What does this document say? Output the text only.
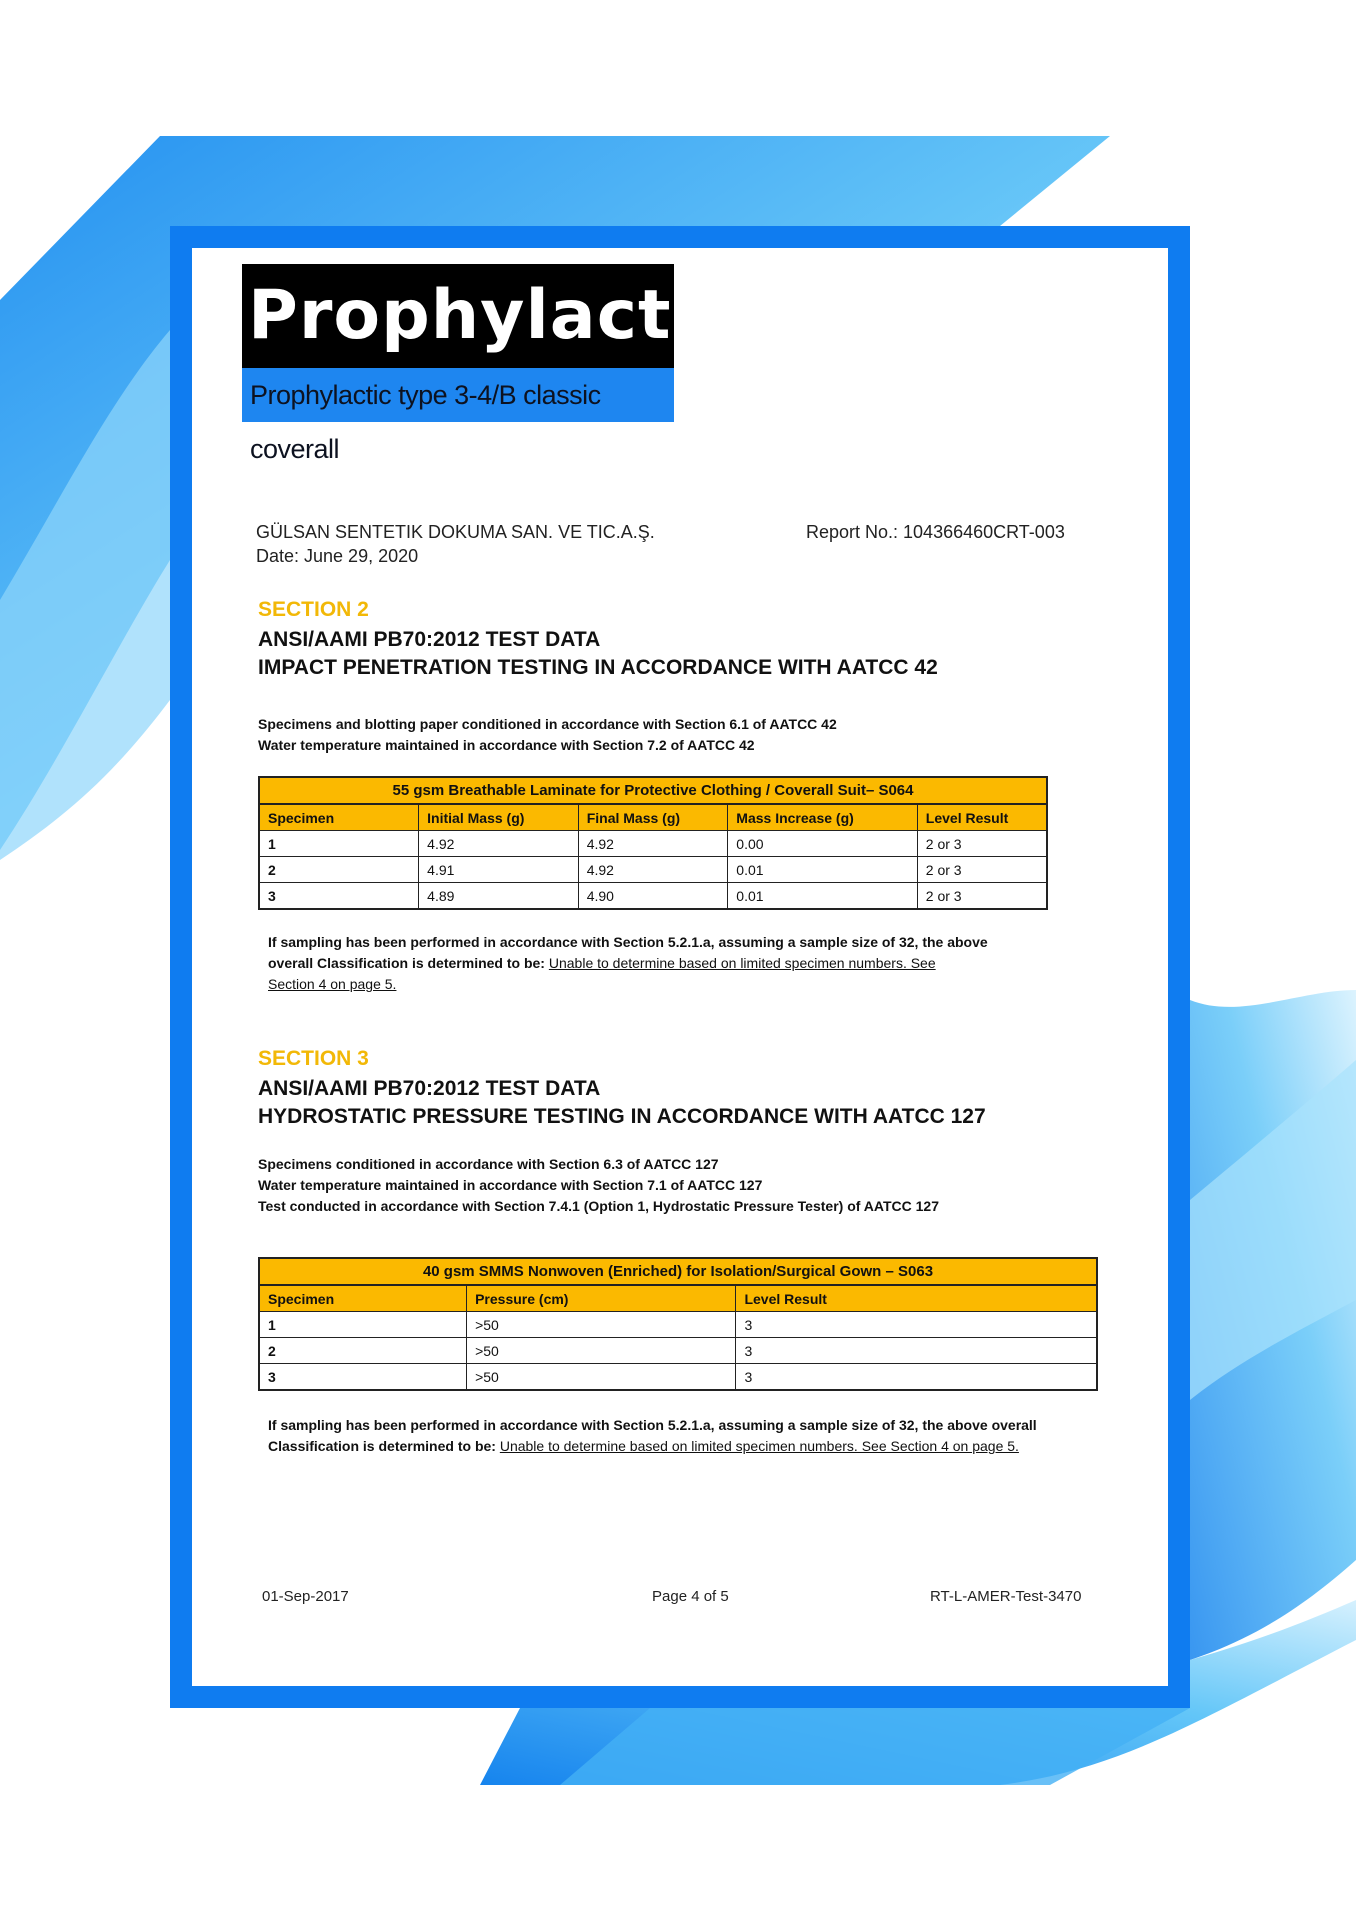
Prophylactic
Prophylactic type 3-4/B classic coverall
GÜLSAN SENTETIK DOKUMA SAN. VE TIC.A.Ş.
Date: June 29, 2020
Report No.: 104366460CRT-003
SECTION 2
ANSI/AAMI PB70:2012 TEST DATA
IMPACT PENETRATION TESTING IN ACCORDANCE WITH AATCC 42
Specimens and blotting paper conditioned in accordance with Section 6.1 of AATCC 42
Water temperature maintained in accordance with Section 7.2 of AATCC 42
55 gsm Breathable Laminate for Protective Clothing / Coverall Suit– S064				
Specimen	Initial Mass (g)	Final Mass (g)	Mass Increase (g)	Level Result
1	4.92	4.92	0.00	2 or 3
2	4.91	4.92	0.01	2 or 3
3	4.89	4.90	0.01	2 or 3
If sampling has been performed in accordance with Section 5.2.1.a, assuming a sample size of 32, the above
overall Classification is determined to be: Unable to determine based on limited specimen numbers. See
Section 4 on page 5.
SECTION 3
ANSI/AAMI PB70:2012 TEST DATA
HYDROSTATIC PRESSURE TESTING IN ACCORDANCE WITH AATCC 127
Specimens conditioned in accordance with Section 6.3 of AATCC 127
Water temperature maintained in accordance with Section 7.1 of AATCC 127
Test conducted in accordance with Section 7.4.1 (Option 1, Hydrostatic Pressure Tester) of AATCC 127
40 gsm SMMS Nonwoven (Enriched) for Isolation/Surgical Gown – S063		
Specimen	Pressure (cm)	Level Result
1	>50	3
2	>50	3
3	>50	3
If sampling has been performed in accordance with Section 5.2.1.a, assuming a sample size of 32, the above overall
Classification is determined to be: Unable to determine based on limited specimen numbers. See Section 4 on page 5.
01-Sep-2017	Page 4 of 5	RT-L-AMER-Test-3470
